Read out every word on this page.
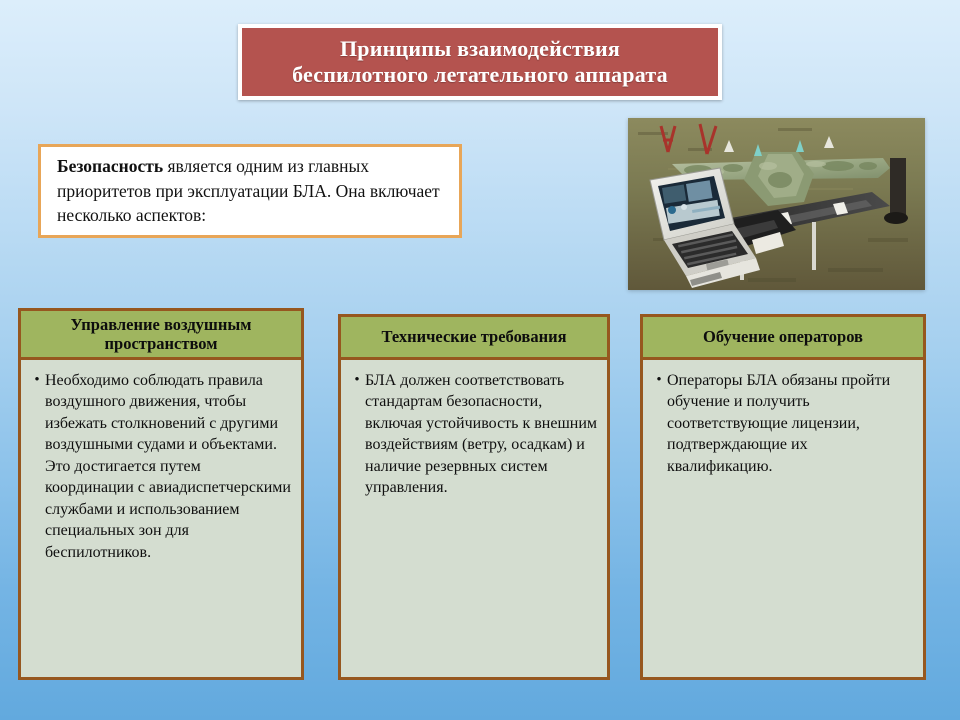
Принципы взаимодействия
беспилотного летательного аппарата
Безопасность является одним из главных приоритетов при эксплуатации БЛА. Она включает несколько аспектов:
Управление воздушным пространством
• Необходимо соблюдать правила воздушного движения, чтобы избежать столкновений с другими воздушными судами и объектами. Это достигается путем координации с авиадиспетчерскими службами и использованием специальных зон для беспилотников.
Технические требования
• БЛА должен соответствовать стандартам безопасности, включая устойчивость к внешним воздействиям (ветру, осадкам) и наличие резервных систем управления.
Обучение операторов
• Операторы БЛА обязаны пройти обучение и получить соответствующие лицензии, подтверждающие их квалификацию.
